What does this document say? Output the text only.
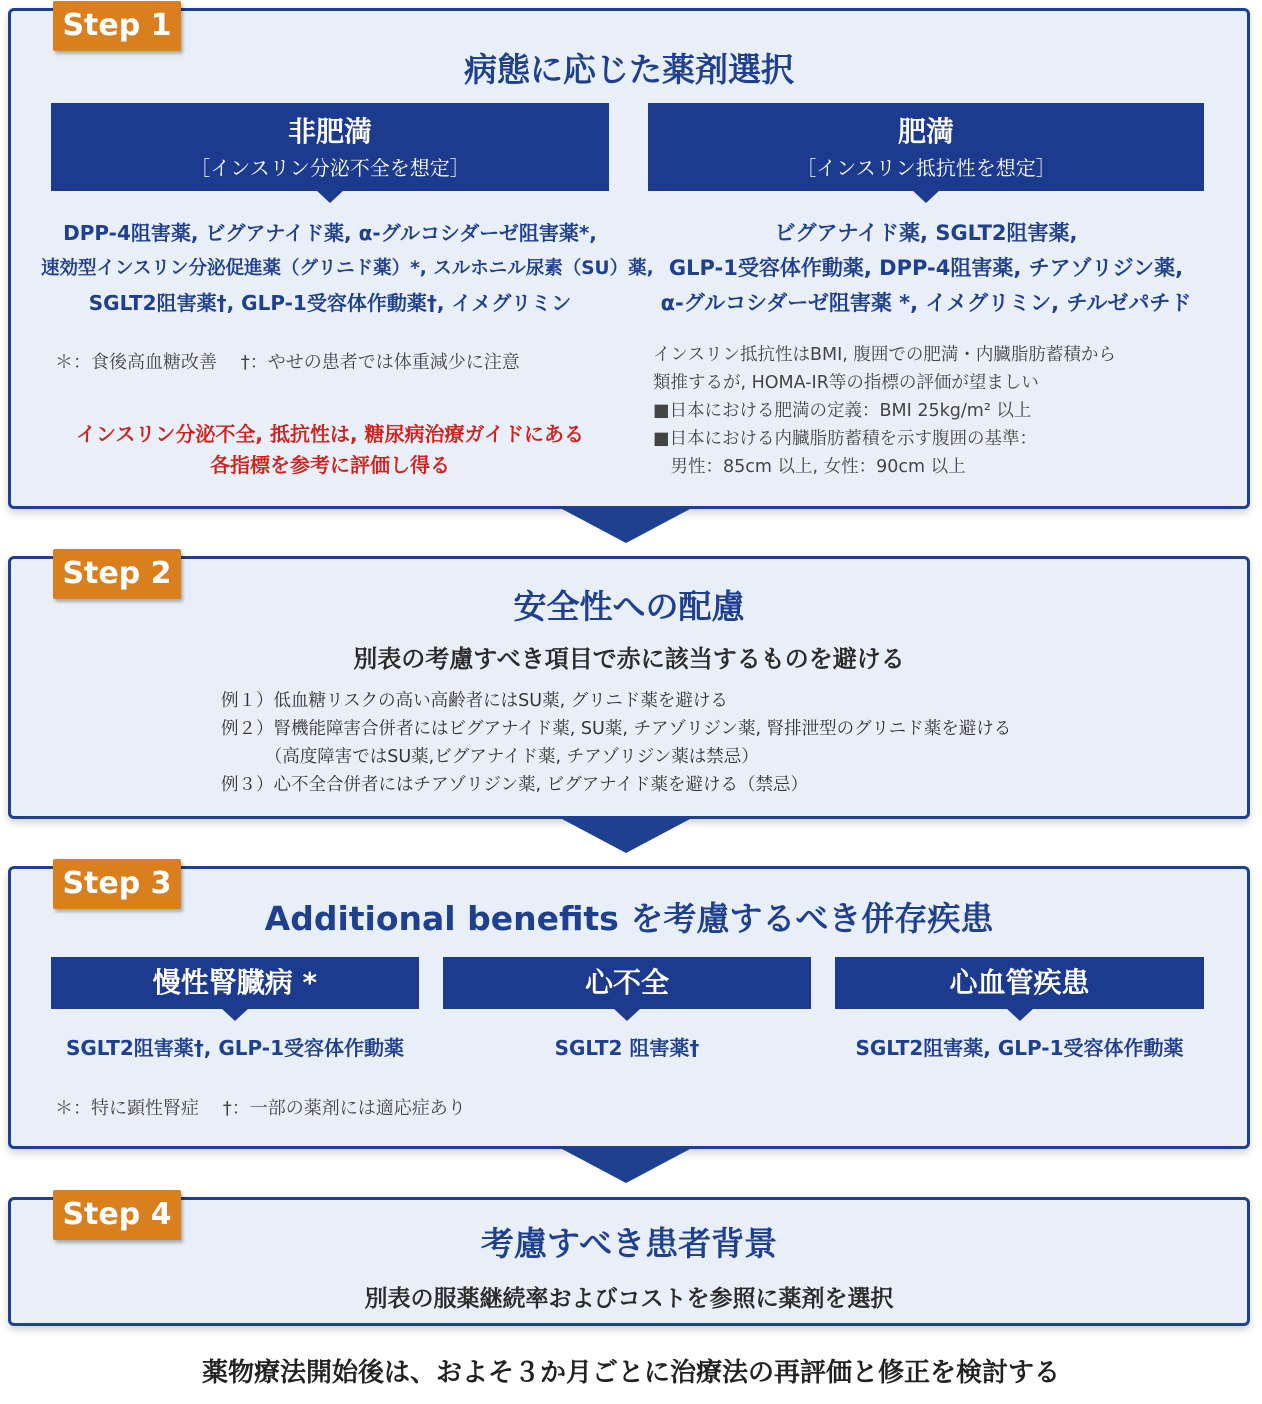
Step 1
病態に応じた薬剤選択
非肥満
［インスリン分泌不全を想定］
DPP-4阻害薬, ビグアナイド薬, α-グルコシダーゼ阻害薬*,
速効型インスリン分泌促進薬（グリニド薬）*, スルホニル尿素（SU）薬,
SGLT2阻害薬†, GLP-1受容体作動薬†, イメグリミン
＊：食後高血糖改善　 †：やせの患者では体重減少に注意
インスリン分泌不全, 抵抗性は, 糖尿病治療ガイドにある
各指標を参考に評価し得る
肥満
［インスリン抵抗性を想定］
ビグアナイド薬, SGLT2阻害薬,
GLP-1受容体作動薬, DPP-4阻害薬, チアゾリジン薬,
α-グルコシダーゼ阻害薬 *, イメグリミン, チルゼパチド
インスリン抵抗性はBMI, 腹囲での肥満・内臓脂肪蓄積から
類推するが, HOMA-IR等の指標の評価が望ましい
■日本における肥満の定義：BMI 25kg/m² 以上
■日本における内臓脂肪蓄積を示す腹囲の基準：
　男性：85cm 以上, 女性：90cm 以上
Step 2
安全性への配慮
別表の考慮すべき項目で赤に該当するものを避ける
例１）低血糖リスクの高い高齢者にはSU薬, グリニド薬を避ける
例２）腎機能障害合併者にはビグアナイド薬, SU薬, チアゾリジン薬, 腎排泄型のグリニド薬を避ける
　　　（高度障害ではSU薬,ビグアナイド薬, チアゾリジン薬は禁忌）
例３）心不全合併者にはチアゾリジン薬, ビグアナイド薬を避ける（禁忌）
Step 3
Additional benefits を考慮するべき併存疾患
慢性腎臓病 *
SGLT2阻害薬†, GLP-1受容体作動薬
心不全
SGLT2 阻害薬†
心血管疾患
SGLT2阻害薬, GLP-1受容体作動薬
＊：特に顕性腎症　 †：一部の薬剤には適応症あり
Step 4
考慮すべき患者背景
別表の服薬継続率およびコストを参照に薬剤を選択
薬物療法開始後は、およそ３か月ごとに治療法の再評価と修正を検討する
